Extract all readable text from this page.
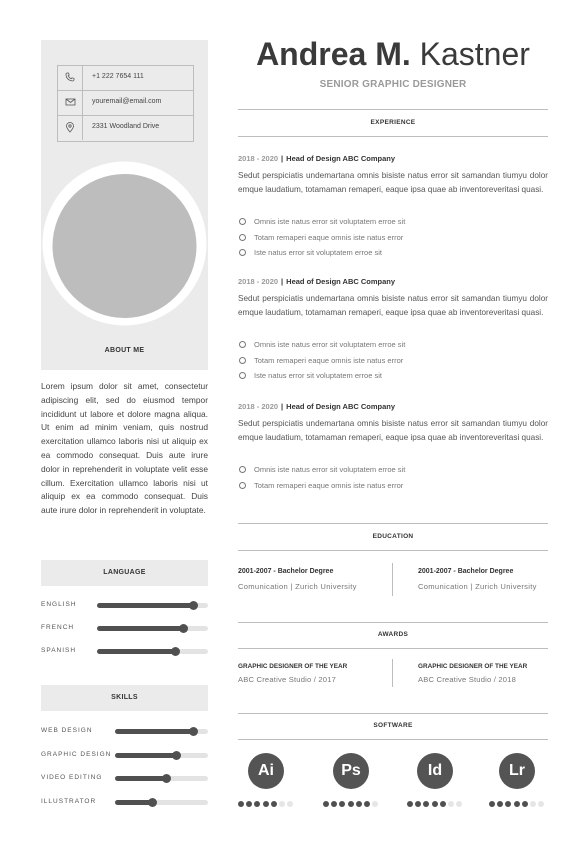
+1 222 7654 111
youremail@email.com
2331 Woodland Drive
ABOUT ME
Lorem ipsum dolor sit amet, consectetur adipiscing elit, sed do eiusmod tempor incididunt ut labore et dolore magna aliqua. Ut enim ad minim veniam, quis nostrud exercitation ullamco laboris nisi ut aliquip ex ea commodo consequat. Duis aute irure dolor in reprehenderit in voluptate velit esse cillum. Exercitation ullamco laboris nisi ut aliquip ex ea commodo consequat. Duis aute irure dolor in reprehenderit in voluptate.
LANGUAGE
ENGLISH
FRENCH
SPANISH
SKILLS
WEB DESIGN
GRAPHIC DESIGN
VIDEO EDITING
ILLUSTRATOR
Andrea M. Kastner
SENIOR GRAPHIC DESIGNER
EXPERIENCE
2018 - 2020 | Head of Design ABC Company
Sedut perspiciatis undemartana omnis bisiste natus error sit samandan tiumyu dolor emque laudatium, totamaman remaperi, eaque ipsa quae ab inventoreveritasi quasi.
Omnis iste natus error sit voluptatem erroe sit
Totam remaperi eaque omnis iste natus error
Iste natus error sit voluptatem erroe sit
2018 - 2020 | Head of Design ABC Company
Sedut perspiciatis undemartana omnis bisiste natus error sit samandan tiumyu dolor emque laudatium, totamaman remaperi, eaque ipsa quae ab inventoreveritasi quasi.
Omnis iste natus error sit voluptatem erroe sit
Totam remaperi eaque omnis iste natus error
Iste natus error sit voluptatem erroe sit
2018 - 2020 | Head of Design ABC Company
Sedut perspiciatis undemartana omnis bisiste natus error sit samandan tiumyu dolor emque laudatium, totamaman remaperi, eaque ipsa quae ab inventoreveritasi quasi.
Omnis iste natus error sit voluptatem erroe sit
Totam remaperi eaque omnis iste natus error
EDUCATION
2001-2007 - Bachelor Degree
Comunication | Zurich University
2001-2007 - Bachelor Degree
Comunication | Zurich University
AWARDS
GRAPHIC DESIGNER OF THE YEAR
ABC Creative Studio / 2017
GRAPHIC DESIGNER OF THE YEAR
ABC Creative Studio / 2018
SOFTWARE
Ai	Ps	Id	Lr
